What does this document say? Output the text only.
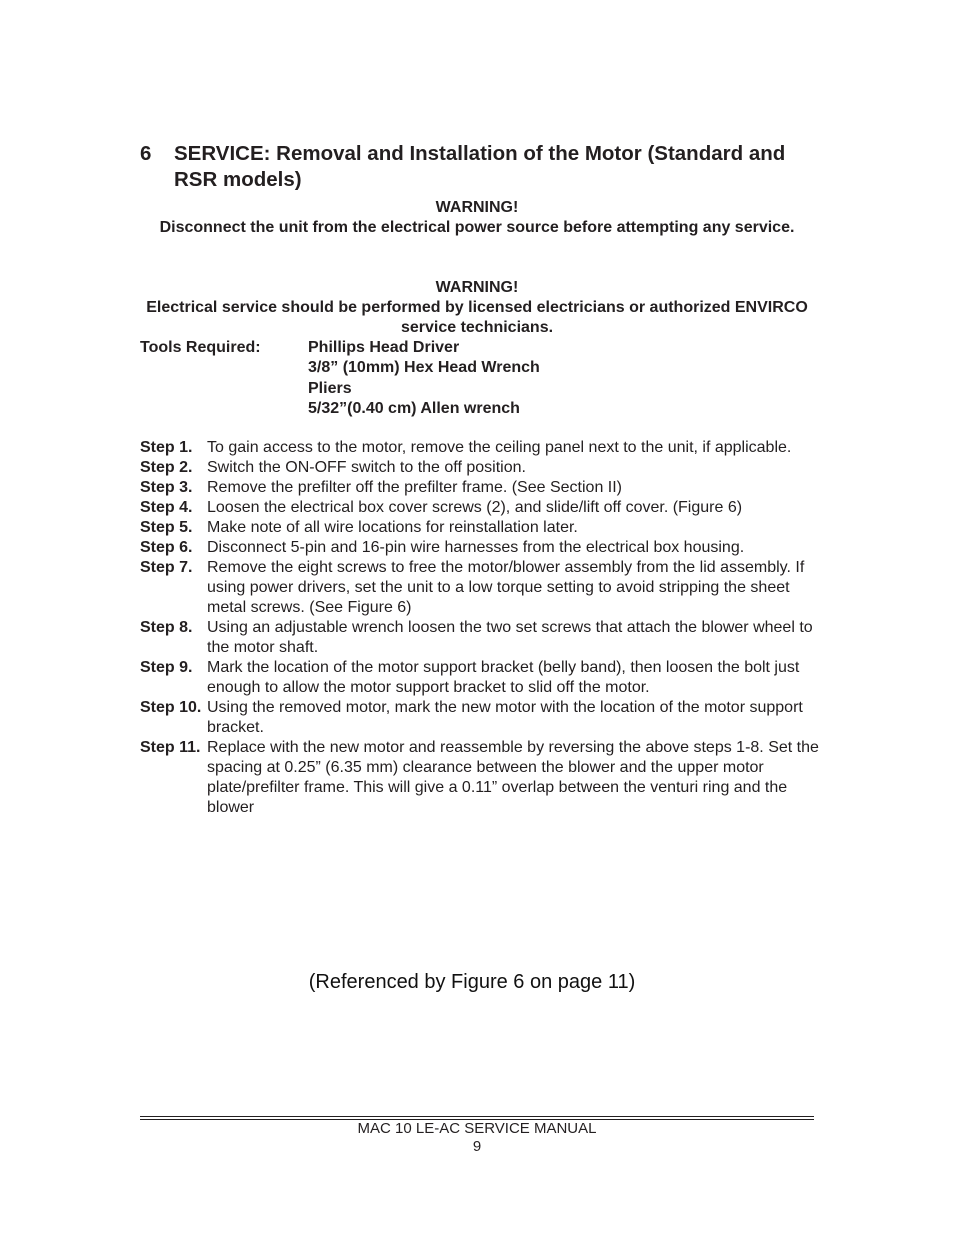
6 SERVICE: Removal and Installation of the Motor (Standard and RSR models)
WARNING!
Disconnect the unit from the electrical power source before attempting any service.
WARNING!
Electrical service should be performed by licensed electricians or authorized ENVIRCO service technicians.
Tools Required:	Phillips Head Driver
3/8” (10mm) Hex Head Wrench
Pliers
5/32”(0.40 cm) Allen wrench
Step 1. To gain access to the motor, remove the ceiling panel next to the unit, if applicable.
Step 2. Switch the ON-OFF switch to the off position.
Step 3. Remove the prefilter off the prefilter frame. (See Section II)
Step 4. Loosen the electrical box cover screws (2), and slide/lift off cover. (Figure 6)
Step 5. Make note of all wire locations for reinstallation later.
Step 6. Disconnect 5-pin and 16-pin wire harnesses from the electrical box housing.
Step 7. Remove the eight screws to free the motor/blower assembly from the lid assembly. If using power drivers, set the unit to a low torque setting to avoid stripping the sheet metal screws. (See Figure 6)
Step 8. Using an adjustable wrench loosen the two set screws that attach the blower wheel to the motor shaft.
Step 9. Mark the location of the motor support bracket (belly band), then loosen the bolt just enough to allow the motor support bracket to slid off the motor.
Step 10. Using the removed motor, mark the new motor with the location of the motor support bracket.
Step 11. Replace with the new motor and reassemble by reversing the above steps 1-8. Set the spacing at 0.25” (6.35 mm) clearance between the blower and the upper motor plate/prefilter frame. This will give a 0.11” overlap between the venturi ring and the blower
(Referenced by Figure 6 on page 11)
MAC 10 LE-AC SERVICE MANUAL
9
